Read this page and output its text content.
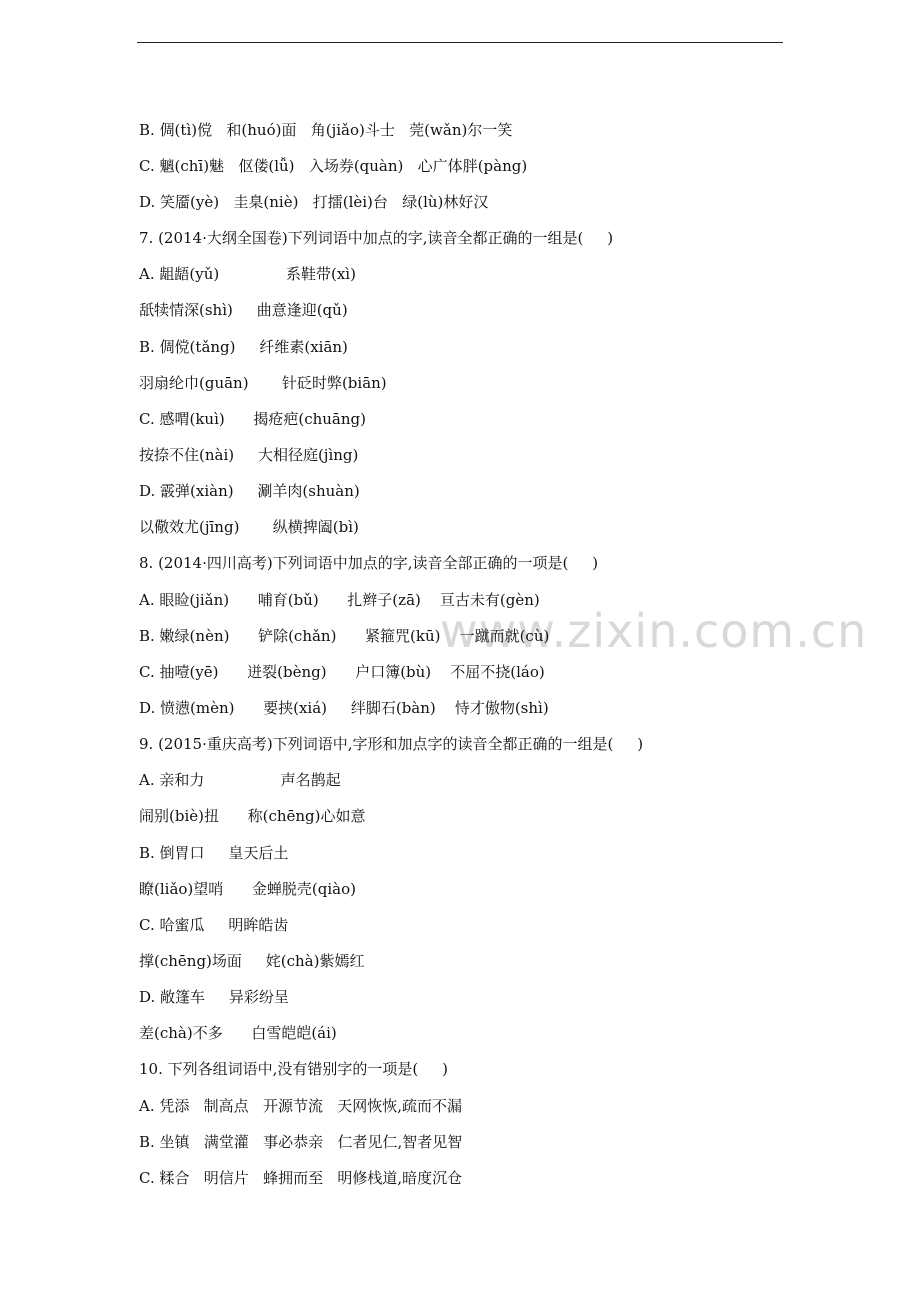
www.zixin.com.cn
B. 倜(tì)傥   和(huó)面   角(jiǎo)斗士   莞(wǎn)尔一笑
C. 魑(chī)魅   伛偻(lǚ)   入场券(quàn)   心广体胖(pàng)
D. 笑靥(yè)   圭臬(niè)   打擂(lèi)台   绿(lù)林好汉
7. (2014·大纲全国卷)下列词语中加点的字,读音全都正确的一组是(     )
A. 龃龉(yǔ)              系鞋带(xì)
舐犊情深(shì)     曲意逢迎(qǔ)
B. 倜傥(tǎng)     纤维素(xiān)
羽扇纶巾(guān)       针砭时弊(biān)
C. 感喟(kuì)      揭疮疤(chuāng)
按捺不住(nài)     大相径庭(jìng)
D. 霰弹(xiàn)     涮羊肉(shuàn)
以儆效尤(jīng)       纵横捭阖(bì)
8. (2014·四川高考)下列词语中加点的字,读音全部正确的一项是(     )
A. 眼睑(jiǎn)      哺育(bǔ)      扎辫子(zā)    亘古未有(gèn)
B. 嫩绿(nèn)      铲除(chǎn)      紧箍咒(kū)    一蹴而就(cù)
C. 抽噎(yē)      迸裂(bèng)      户口簿(bù)    不屈不挠(láo)
D. 愤懑(mèn)      要挟(xiá)     绊脚石(bàn)    恃才傲物(shì)
9. (2015·重庆高考)下列词语中,字形和加点字的读音全都正确的一组是(     )
A. 亲和力                声名鹊起
闹别(biè)扭      称(chēng)心如意
B. 倒胃口     皇天后土
瞭(liǎo)望哨      金蝉脱壳(qiào)
C. 哈蜜瓜     明眸皓齿
撑(chēng)场面     姹(chà)紫嫣红
D. 敞篷车     异彩纷呈
差(chà)不多      白雪皑皑(ái)
10. 下列各组词语中,没有错别字的一项是(     )
A. 凭添   制高点   开源节流   天网恢恢,疏而不漏
B. 坐镇   满堂灌   事必恭亲   仁者见仁,智者见智
C. 糅合   明信片   蜂拥而至   明修栈道,暗度沉仓
